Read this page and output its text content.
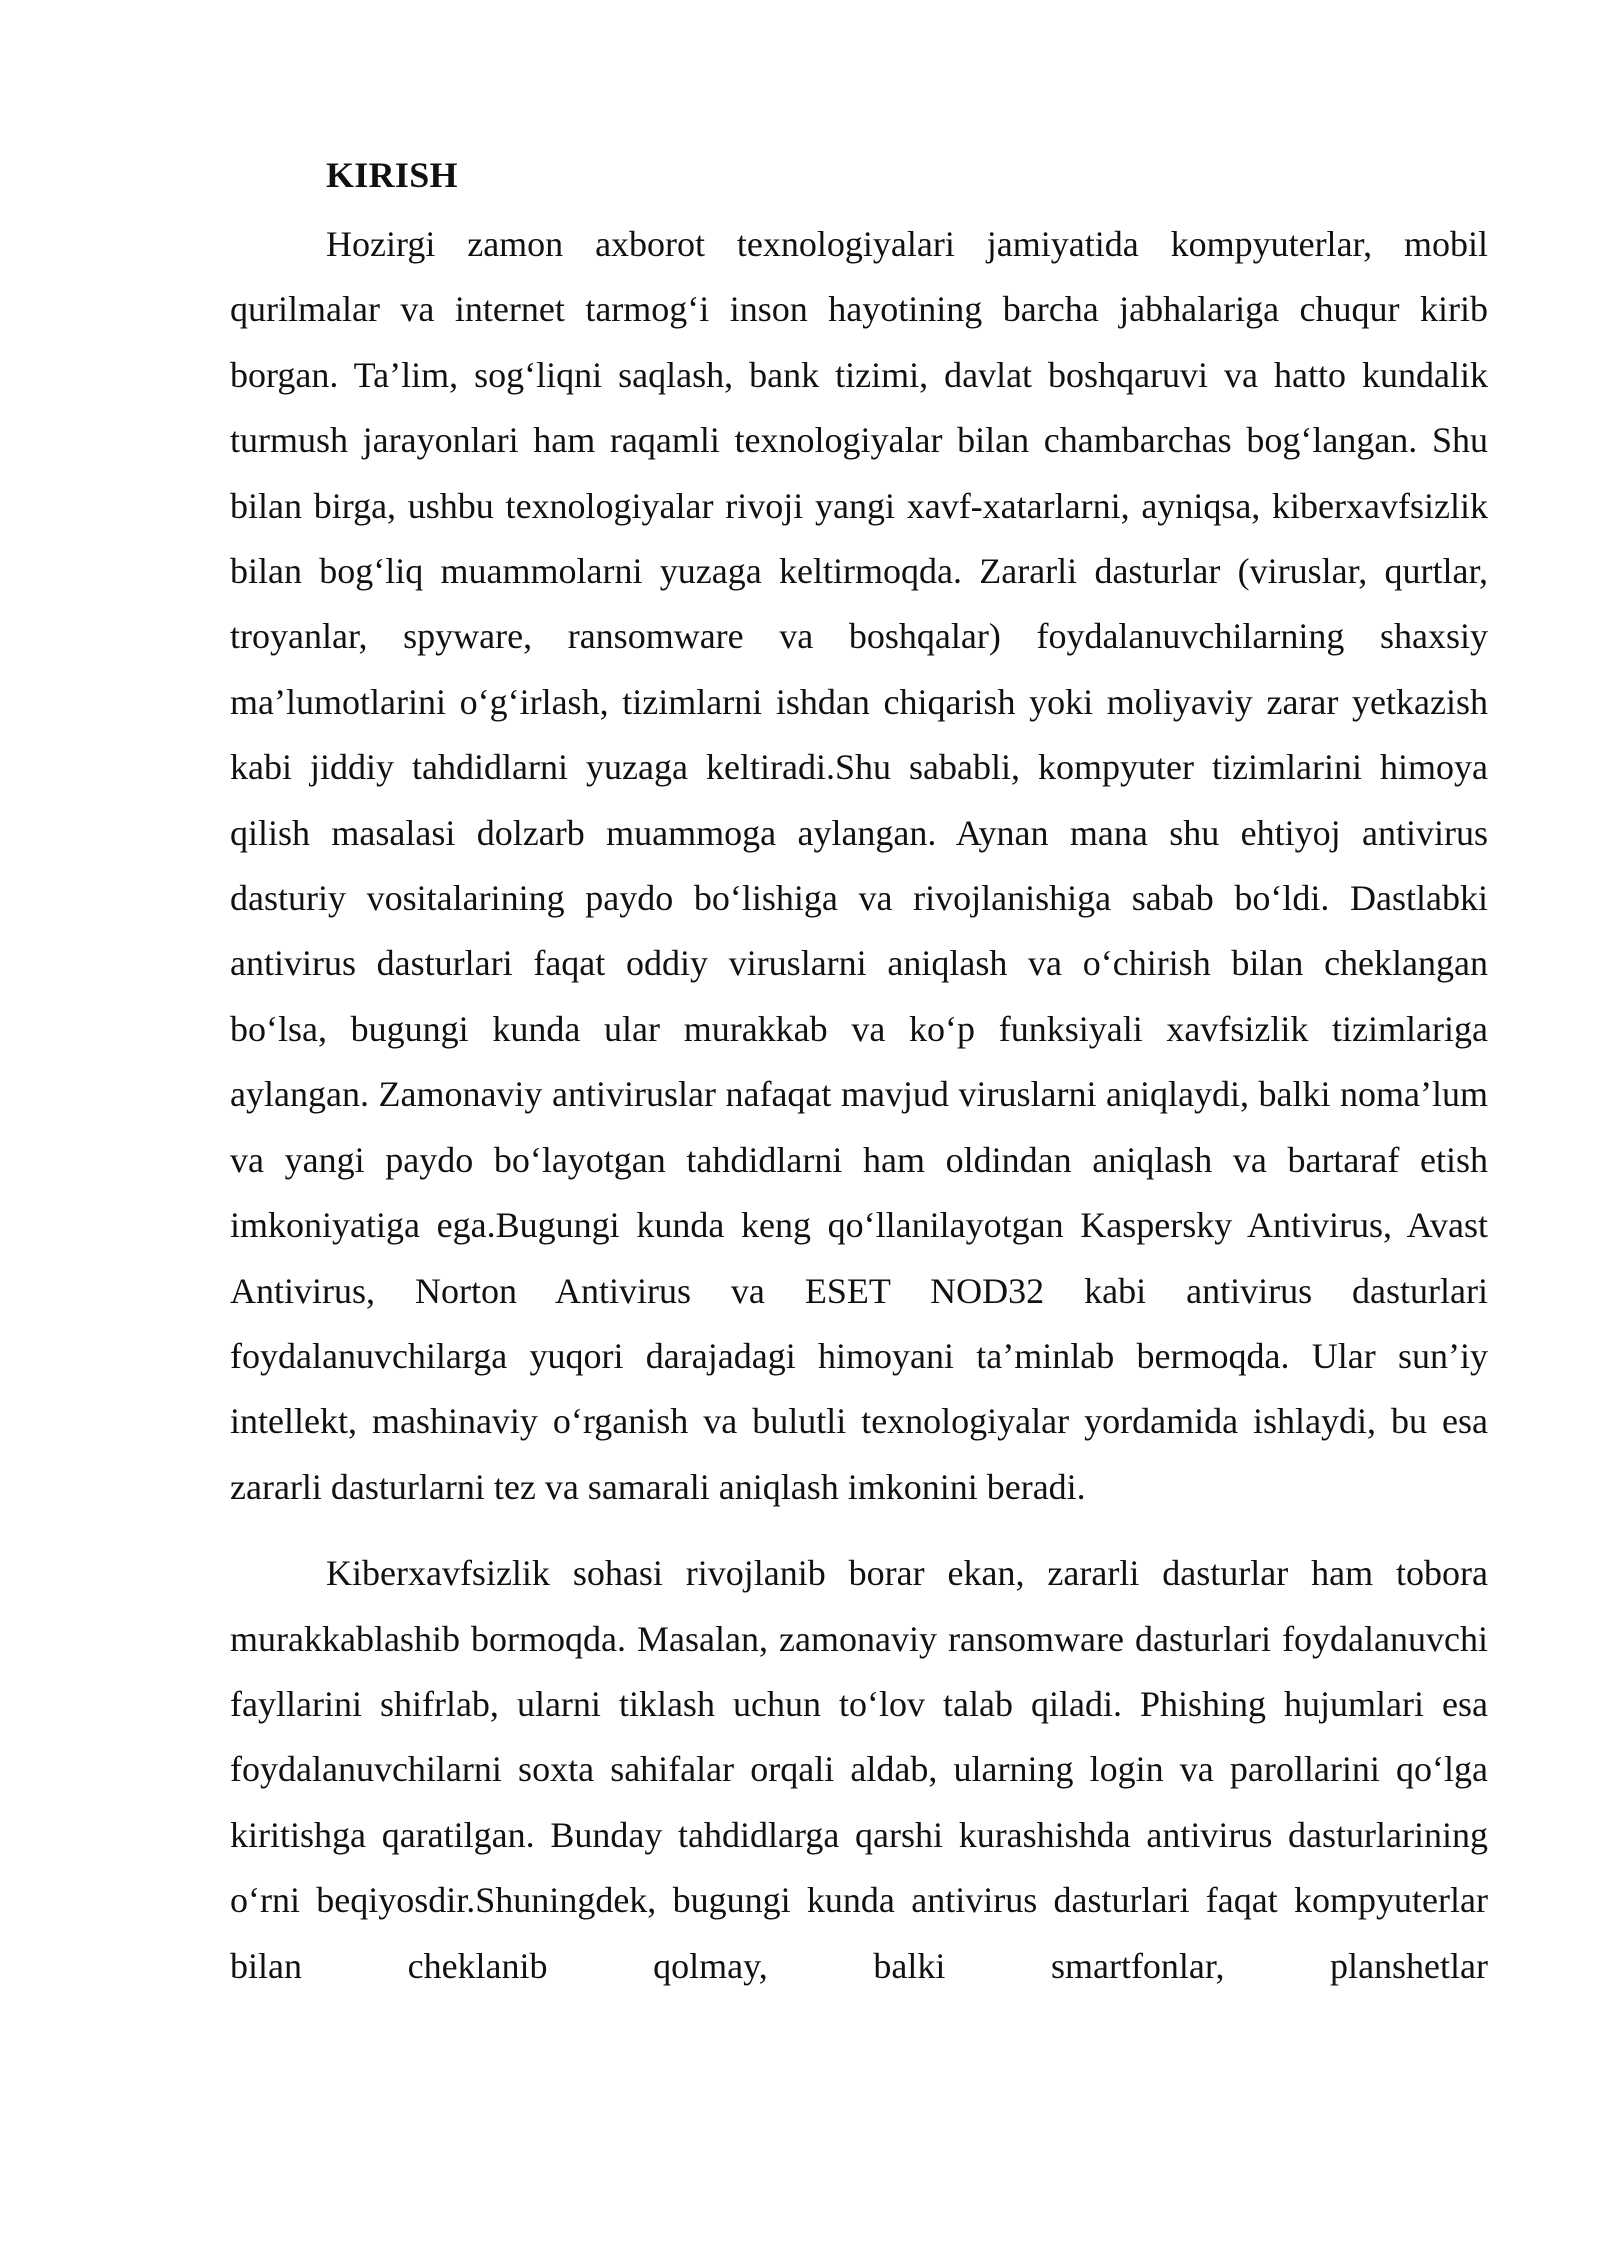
KIRISH

Hozirgi zamon axborot texnologiyalari jamiyatida kompyuterlar, mobil qurilmalar va internet tarmog‘i inson hayotining barcha jabhalariga chuqur kirib borgan. Ta’lim, sog‘liqni saqlash, bank tizimi, davlat boshqaruvi va hatto kundalik turmush jarayonlari ham raqamli texnologiyalar bilan chambarchas bog‘langan. Shu bilan birga, ushbu texnologiyalar rivoji yangi xavf-xatarlarni, ayniqsa, kiberxavfsizlik bilan bog‘liq muammolarni yuzaga keltirmoqda. Zararli dasturlar (viruslar, qurtlar, troyanlar, spyware, ransomware va boshqalar) foydalanuvchilarning shaxsiy ma’lumotlarini o‘g‘irlash, tizimlarni ishdan chiqarish yoki moliyaviy zarar yetkazish kabi jiddiy tahdidlarni yuzaga keltiradi.Shu sababli, kompyuter tizimlarini himoya qilish masalasi dolzarb muammoga aylangan. Aynan mana shu ehtiyoj antivirus dasturiy vositalarining paydo bo‘lishiga va rivojlanishiga sabab bo‘ldi. Dastlabki antivirus dasturlari faqat oddiy viruslarni aniqlash va o‘chirish bilan cheklangan bo‘lsa, bugungi kunda ular murakkab va ko‘p funksiyali xavfsizlik tizimlariga aylangan. Zamonaviy antiviruslar nafaqat mavjud viruslarni aniqlaydi, balki noma’lum va yangi paydo bo‘layotgan tahdidlarni ham oldindan aniqlash va bartaraf etish imkoniyatiga ega.Bugungi kunda keng qo‘llanilayotgan Kaspersky Antivirus, Avast Antivirus, Norton Antivirus va ESET NOD32 kabi antivirus dasturlari foydalanuvchilarga yuqori darajadagi himoyani ta’minlab bermoqda. Ular sun’iy intellekt, mashinaviy o‘rganish va bulutli texnologiyalar yordamida ishlaydi, bu esa zararli dasturlarni tez va samarali aniqlash imkonini beradi.

Kiberxavfsizlik sohasi rivojlanib borar ekan, zararli dasturlar ham tobora murakkablashib bormoqda. Masalan, zamonaviy ransomware dasturlari foydalanuvchi fayllarini shifrlab, ularni tiklash uchun to‘lov talab qiladi. Phishing hujumlari esa foydalanuvchilarni soxta sahifalar orqali aldab, ularning login va parollarini qo‘lga kiritishga qaratilgan. Bunday tahdidlarga qarshi kurashishda antivirus dasturlarining o‘rni beqiyosdir.Shuningdek, bugungi kunda antivirus dasturlari faqat kompyuterlar bilan cheklanib qolmay, balki smartfonlar, planshetlar
